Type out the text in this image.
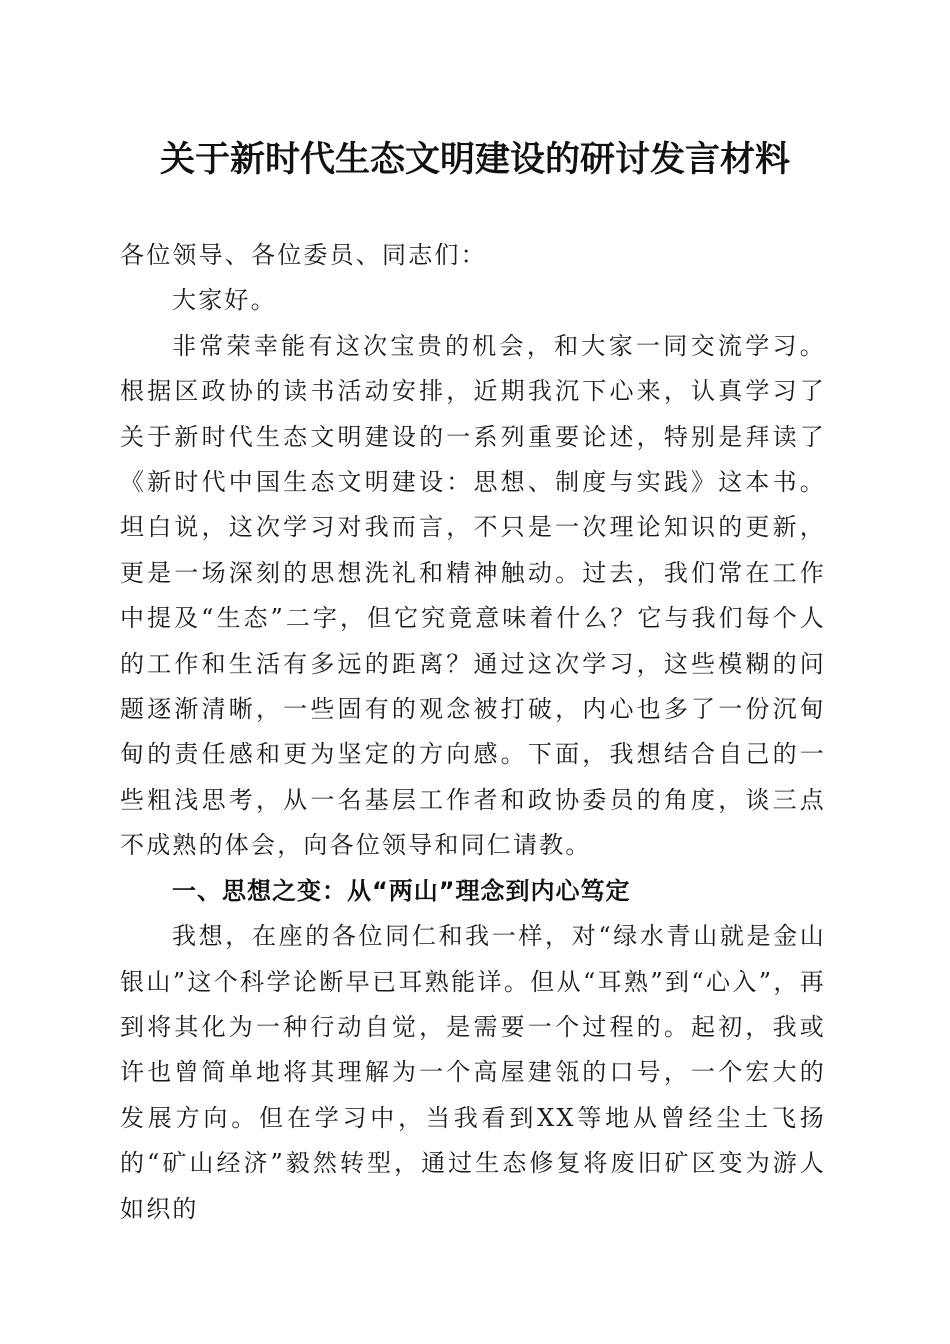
关于新时代生态文明建设的研讨发言材料

各位领导、各位委员、同志们：

大家好。

非常荣幸能有这次宝贵的机会，和大家一同交流学习。根据区政协的读书活动安排，近期我沉下心来，认真学习了关于新时代生态文明建设的一系列重要论述，特别是拜读了《新时代中国生态文明建设：思想、制度与实践》这本书。坦白说，这次学习对我而言，不只是一次理论知识的更新，更是一场深刻的思想洗礼和精神触动。过去，我们常在工作中提及“生态”二字，但它究竟意味着什么？它与我们每个人的工作和生活有多远的距离？通过这次学习，这些模糊的问题逐渐清晰，一些固有的观念被打破，内心也多了一份沉甸甸的责任感和更为坚定的方向感。下面，我想结合自己的一些粗浅思考，从一名基层工作者和政协委员的角度，谈三点不成熟的体会，向各位领导和同仁请教。

一、思想之变：从“两山”理念到内心笃定

我想，在座的各位同仁和我一样，对“绿水青山就是金山银山”这个科学论断早已耳熟能详。但从“耳熟”到“心入”，再到将其化为一种行动自觉，是需要一个过程的。起初，我或许也曾简单地将其理解为一个高屋建瓴的口号，一个宏大的发展方向。但在学习中，当我看到XX等地从曾经尘土飞扬的“矿山经济”毅然转型，通过生态修复将废旧矿区变为游人如织的
